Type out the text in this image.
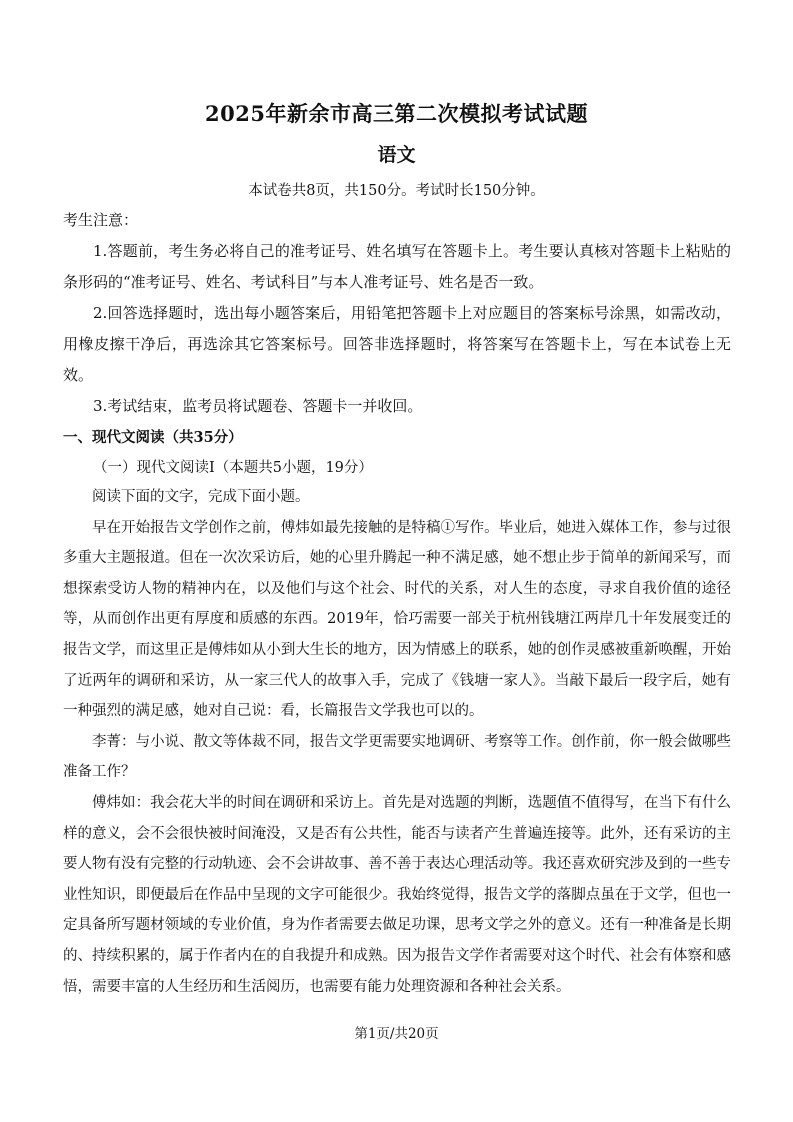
2025年新余市高三第二次模拟考试试题
语文
本试卷共8页，共150分。考试时长150分钟。

考生注意：

1.答题前，考生务必将自己的准考证号、姓名填写在答题卡上。考生要认真核对答题卡上粘贴的条形码的“准考证号、姓名、考试科目”与本人准考证号、姓名是否一致。

2.回答选择题时，选出每小题答案后，用铅笔把答题卡上对应题目的答案标号涂黑，如需改动，用橡皮擦干净后，再选涂其它答案标号。回答非选择题时，将答案写在答题卡上，写在本试卷上无效。

3.考试结束，监考员将试题卷、答题卡一并收回。

一、现代文阅读（共35分）
（一）现代文阅读Ⅰ（本题共5小题，19分）

阅读下面的文字，完成下面小题。

早在开始报告文学创作之前，傅炜如最先接触的是特稿①写作。毕业后，她进入媒体工作，参与过很多重大主题报道。但在一次次采访后，她的心里升腾起一种不满足感，她不想止步于简单的新闻采写，而想探索受访人物的精神内在，以及他们与这个社会、时代的关系，对人生的态度，寻求自我价值的途径等，从而创作出更有厚度和质感的东西。2019年，恰巧需要一部关于杭州钱塘江两岸几十年发展变迁的报告文学，而这里正是傅炜如从小到大生长的地方，因为情感上的联系，她的创作灵感被重新唤醒，开始了近两年的调研和采访，从一家三代人的故事入手，完成了《钱塘一家人》。当敲下最后一段字后，她有一种强烈的满足感，她对自己说：看，长篇报告文学我也可以的。

李菁：与小说、散文等体裁不同，报告文学更需要实地调研、考察等工作。创作前，你一般会做哪些准备工作？

傅炜如：我会花大半的时间在调研和采访上。首先是对选题的判断，选题值不值得写，在当下有什么样的意义，会不会很快被时间淹没，又是否有公共性，能否与读者产生普遍连接等。此外，还有采访的主要人物有没有完整的行动轨迹、会不会讲故事、善不善于表达心理活动等。我还喜欢研究涉及到的一些专业性知识，即便最后在作品中呈现的文字可能很少。我始终觉得，报告文学的落脚点虽在于文学，但也一定具备所写题材领域的专业价值，身为作者需要去做足功课，思考文学之外的意义。还有一种准备是长期的、持续积累的，属于作者内在的自我提升和成熟。因为报告文学作者需要对这个时代、社会有体察和感悟，需要丰富的人生经历和生活阅历，也需要有能力处理资源和各种社会关系。

第1页/共20页
